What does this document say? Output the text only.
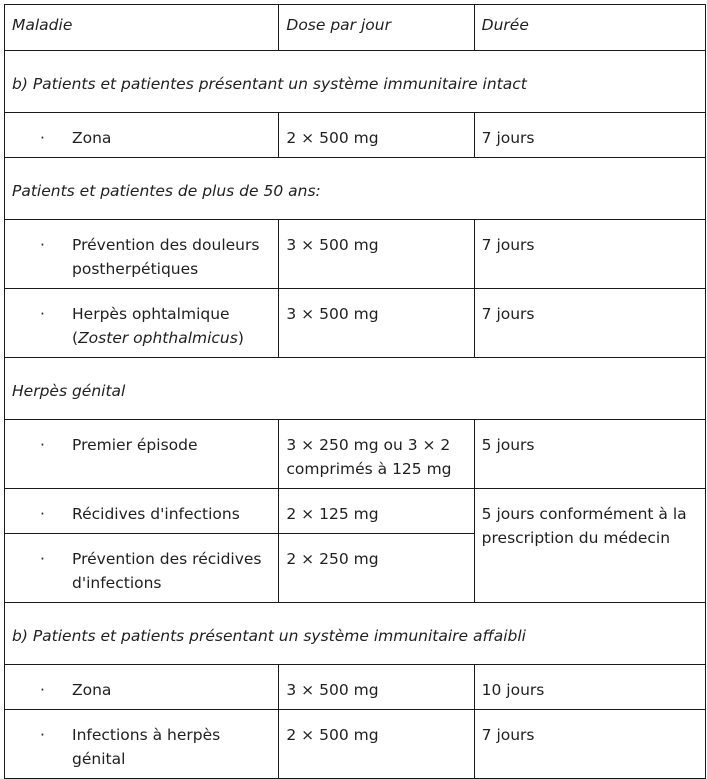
Maladie	Dose par jour	Durée

b) Patients et patientes présentant un système immunitaire intact		

· Zona	2 × 500 mg	7 jours

Patients et patientes de plus de 50 ans:		

· Prévention des douleurs postherpétiques	3 × 500 mg	7 jours

· Herpès ophtalmique (Zoster ophthalmicus)	3 × 500 mg	7 jours

Herpès génital		

· Premier épisode	3 × 250 mg ou 3 × 2 comprimés à 125 mg	5 jours

· Récidives d'infections	2 × 125 mg	5 jours conformément à la prescription du médecin

· Prévention des récidives d'infections	2 × 250 mg	

b) Patients et patients présentant un système immunitaire affaibli		

· Zona	3 × 500 mg	10 jours

· Infections à herpès génital	2 × 500 mg	7 jours
